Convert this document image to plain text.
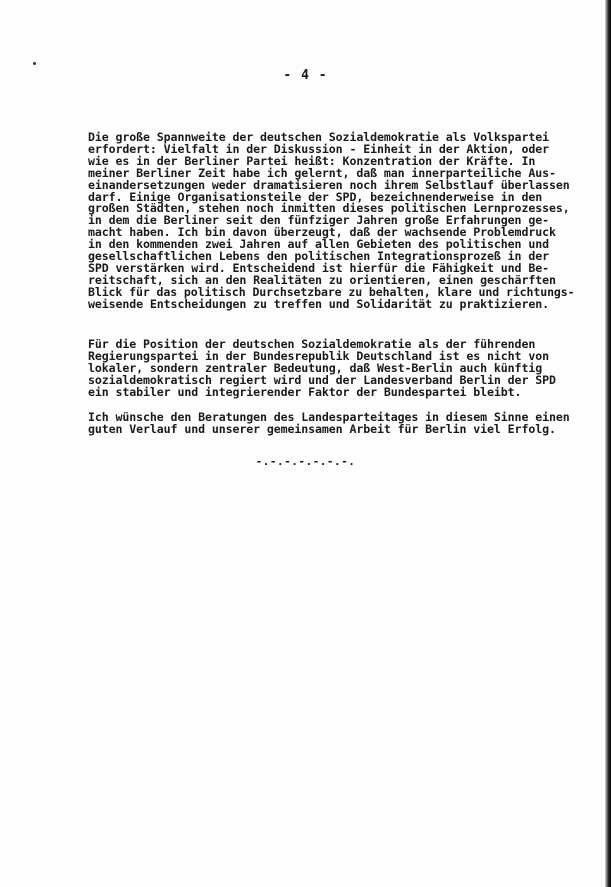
- 4 -

Die große Spannweite der deutschen Sozialdemokratie als Volkspartei
erfordert: Vielfalt in der Diskussion - Einheit in der Aktion, oder
wie es in der Berliner Partei heißt: Konzentration der Kräfte. In
meiner Berliner Zeit habe ich gelernt, daß man innerparteiliche Aus-
einandersetzungen weder dramatisieren noch ihrem Selbstlauf überlassen
darf. Einige Organisationsteile der SPD, bezeichnenderweise in den
großen Städten, stehen noch inmitten dieses politischen Lernprozesses,
in dem die Berliner seit den fünfziger Jahren große Erfahrungen ge-
macht haben. Ich bin davon überzeugt, daß der wachsende Problemdruck
in den kommenden zwei Jahren auf allen Gebieten des politischen und
gesellschaftlichen Lebens den politischen Integrationsprozeß in der
SPD verstärken wird. Entscheidend ist hierfür die Fähigkeit und Be-
reitschaft, sich an den Realitäten zu orientieren, einen geschärften
Blick für das politisch Durchsetzbare zu behalten, klare und richtungs-
weisende Entscheidungen zu treffen und Solidarität zu praktizieren.

Für die Position der deutschen Sozialdemokratie als der führenden
Regierungspartei in der Bundesrepublik Deutschland ist es nicht von
lokaler, sondern zentraler Bedeutung, daß West-Berlin auch künftig
sozialdemokratisch regiert wird und der Landesverband Berlin der SPD
ein stabiler und integrierender Faktor der Bundespartei bleibt.

Ich wünsche den Beratungen des Landesparteitages in diesem Sinne einen
guten Verlauf und unserer gemeinsamen Arbeit für Berlin viel Erfolg.

-.-.-.-.-.-.-.
